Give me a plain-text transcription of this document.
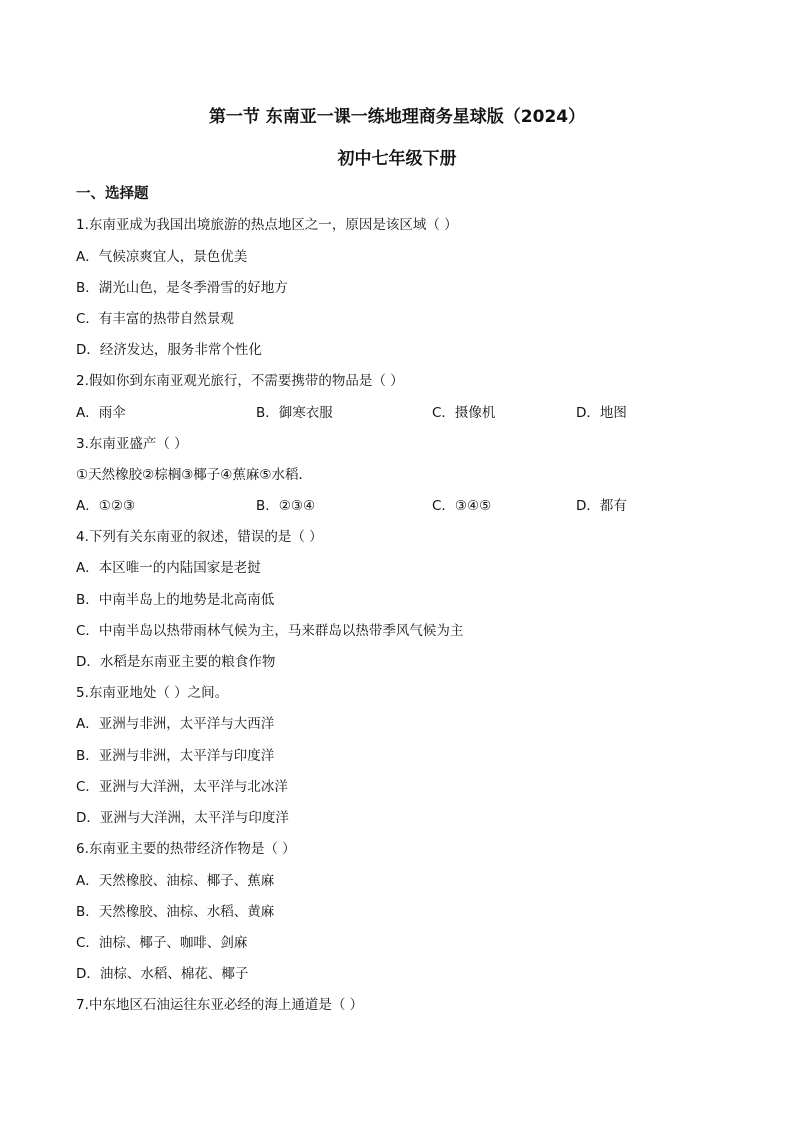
第一节 东南亚一课一练地理商务星球版（2024）
初中七年级下册
一、选择题
1.东南亚成为我国出境旅游的热点地区之一，原因是该区域（ ）
A．气候凉爽宜人，景色优美
B．湖光山色，是冬季滑雪的好地方
C．有丰富的热带自然景观
D．经济发达，服务非常个性化
2.假如你到东南亚观光旅行，不需要携带的物品是（ ）
A．雨伞	B．御寒衣服	C．摄像机	D．地图
3.东南亚盛产（ ）
①天然橡胶②棕榈③椰子④蕉麻⑤水稻．
A．①②③	B．②③④	C．③④⑤	D．都有
4.下列有关东南亚的叙述，错误的是（ ）
A．本区唯一的内陆国家是老挝
B．中南半岛上的地势是北高南低
C．中南半岛以热带雨林气候为主，马来群岛以热带季风气候为主
D．水稻是东南亚主要的粮食作物
5.东南亚地处（ ）之间。
A．亚洲与非洲，太平洋与大西洋
B．亚洲与非洲，太平洋与印度洋
C．亚洲与大洋洲，太平洋与北冰洋
D．亚洲与大洋洲，太平洋与印度洋
6.东南亚主要的热带经济作物是（ ）
A．天然橡胶、油棕、椰子、蕉麻
B．天然橡胶、油棕、水稻、黄麻
C．油棕、椰子、咖啡、剑麻
D．油棕、水稻、棉花、椰子
7.中东地区石油运往东亚必经的海上通道是（ ）
